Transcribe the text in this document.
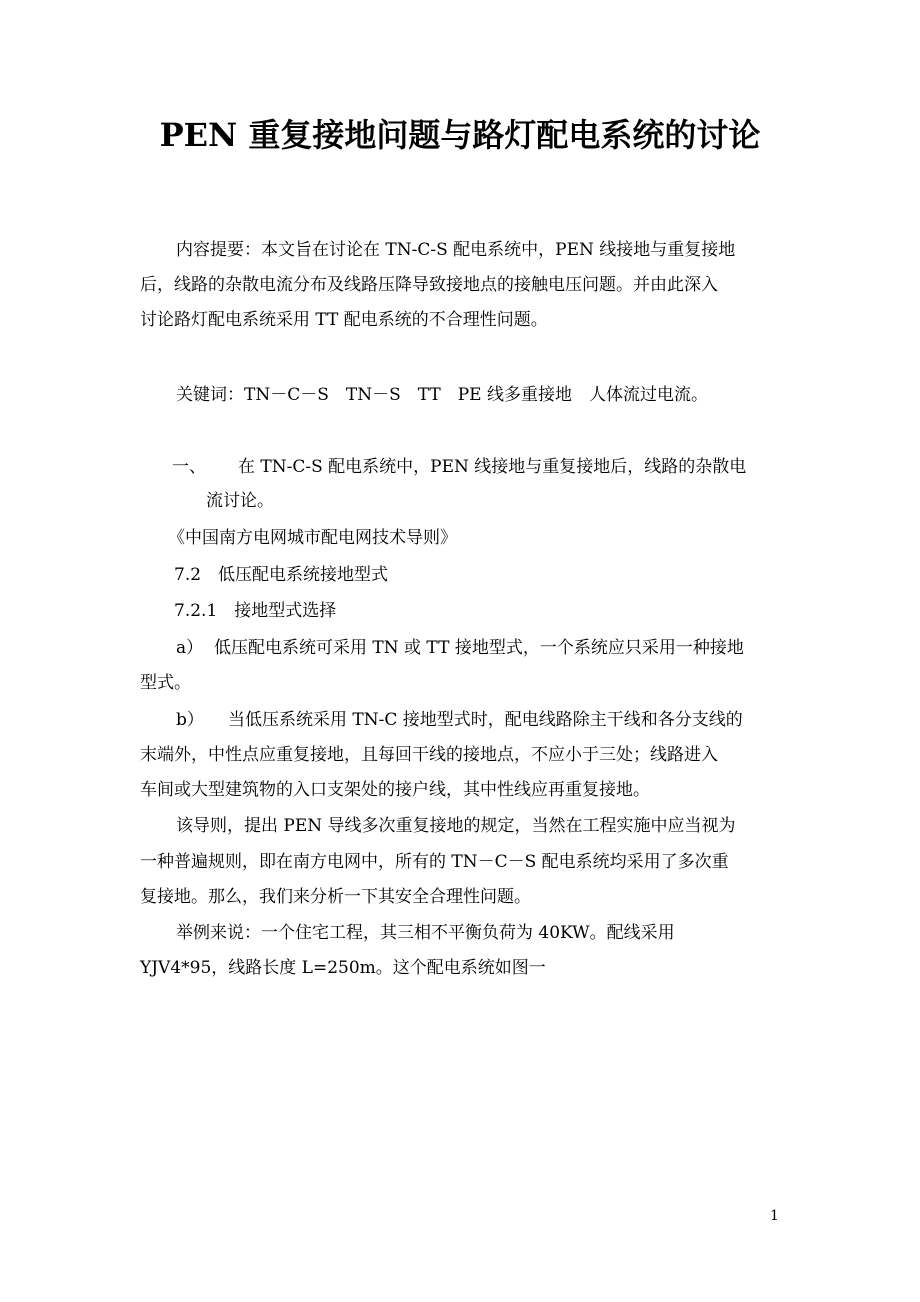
PEN 重复接地问题与路灯配电系统的讨论
内容提要：本文旨在讨论在 TN-C-S 配电系统中，PEN 线接地与重复接地
后，线路的杂散电流分布及线路压降导致接地点的接触电压问题。并由此深入
讨论路灯配电系统采用 TT 配电系统的不合理性问题。
关键词：TN－C－S　TN－S　TT　PE 线多重接地　人体流过电流。
一、 在 TN-C-S 配电系统中，PEN 线接地与重复接地后，线路的杂散电
流讨论。
《中国南方电网城市配电网技术导则》
7.2　低压配电系统接地型式
7.2.1　接地型式选择
a） 低压配电系统可采用 TN 或 TT 接地型式，一个系统应只采用一种接地
型式。
b） 当低压系统采用 TN-C 接地型式时，配电线路除主干线和各分支线的
末端外，中性点应重复接地，且每回干线的接地点，不应小于三处；线路进入
车间或大型建筑物的入口支架处的接户线，其中性线应再重复接地。
该导则，提出 PEN 导线多次重复接地的规定，当然在工程实施中应当视为
一种普遍规则，即在南方电网中，所有的 TN－C－S 配电系统均采用了多次重
复接地。那么，我们来分析一下其安全合理性问题。
举例来说：一个住宅工程，其三相不平衡负荷为 40KW。配线采用
YJV4*95，线路长度 L=250m。这个配电系统如图一
1
